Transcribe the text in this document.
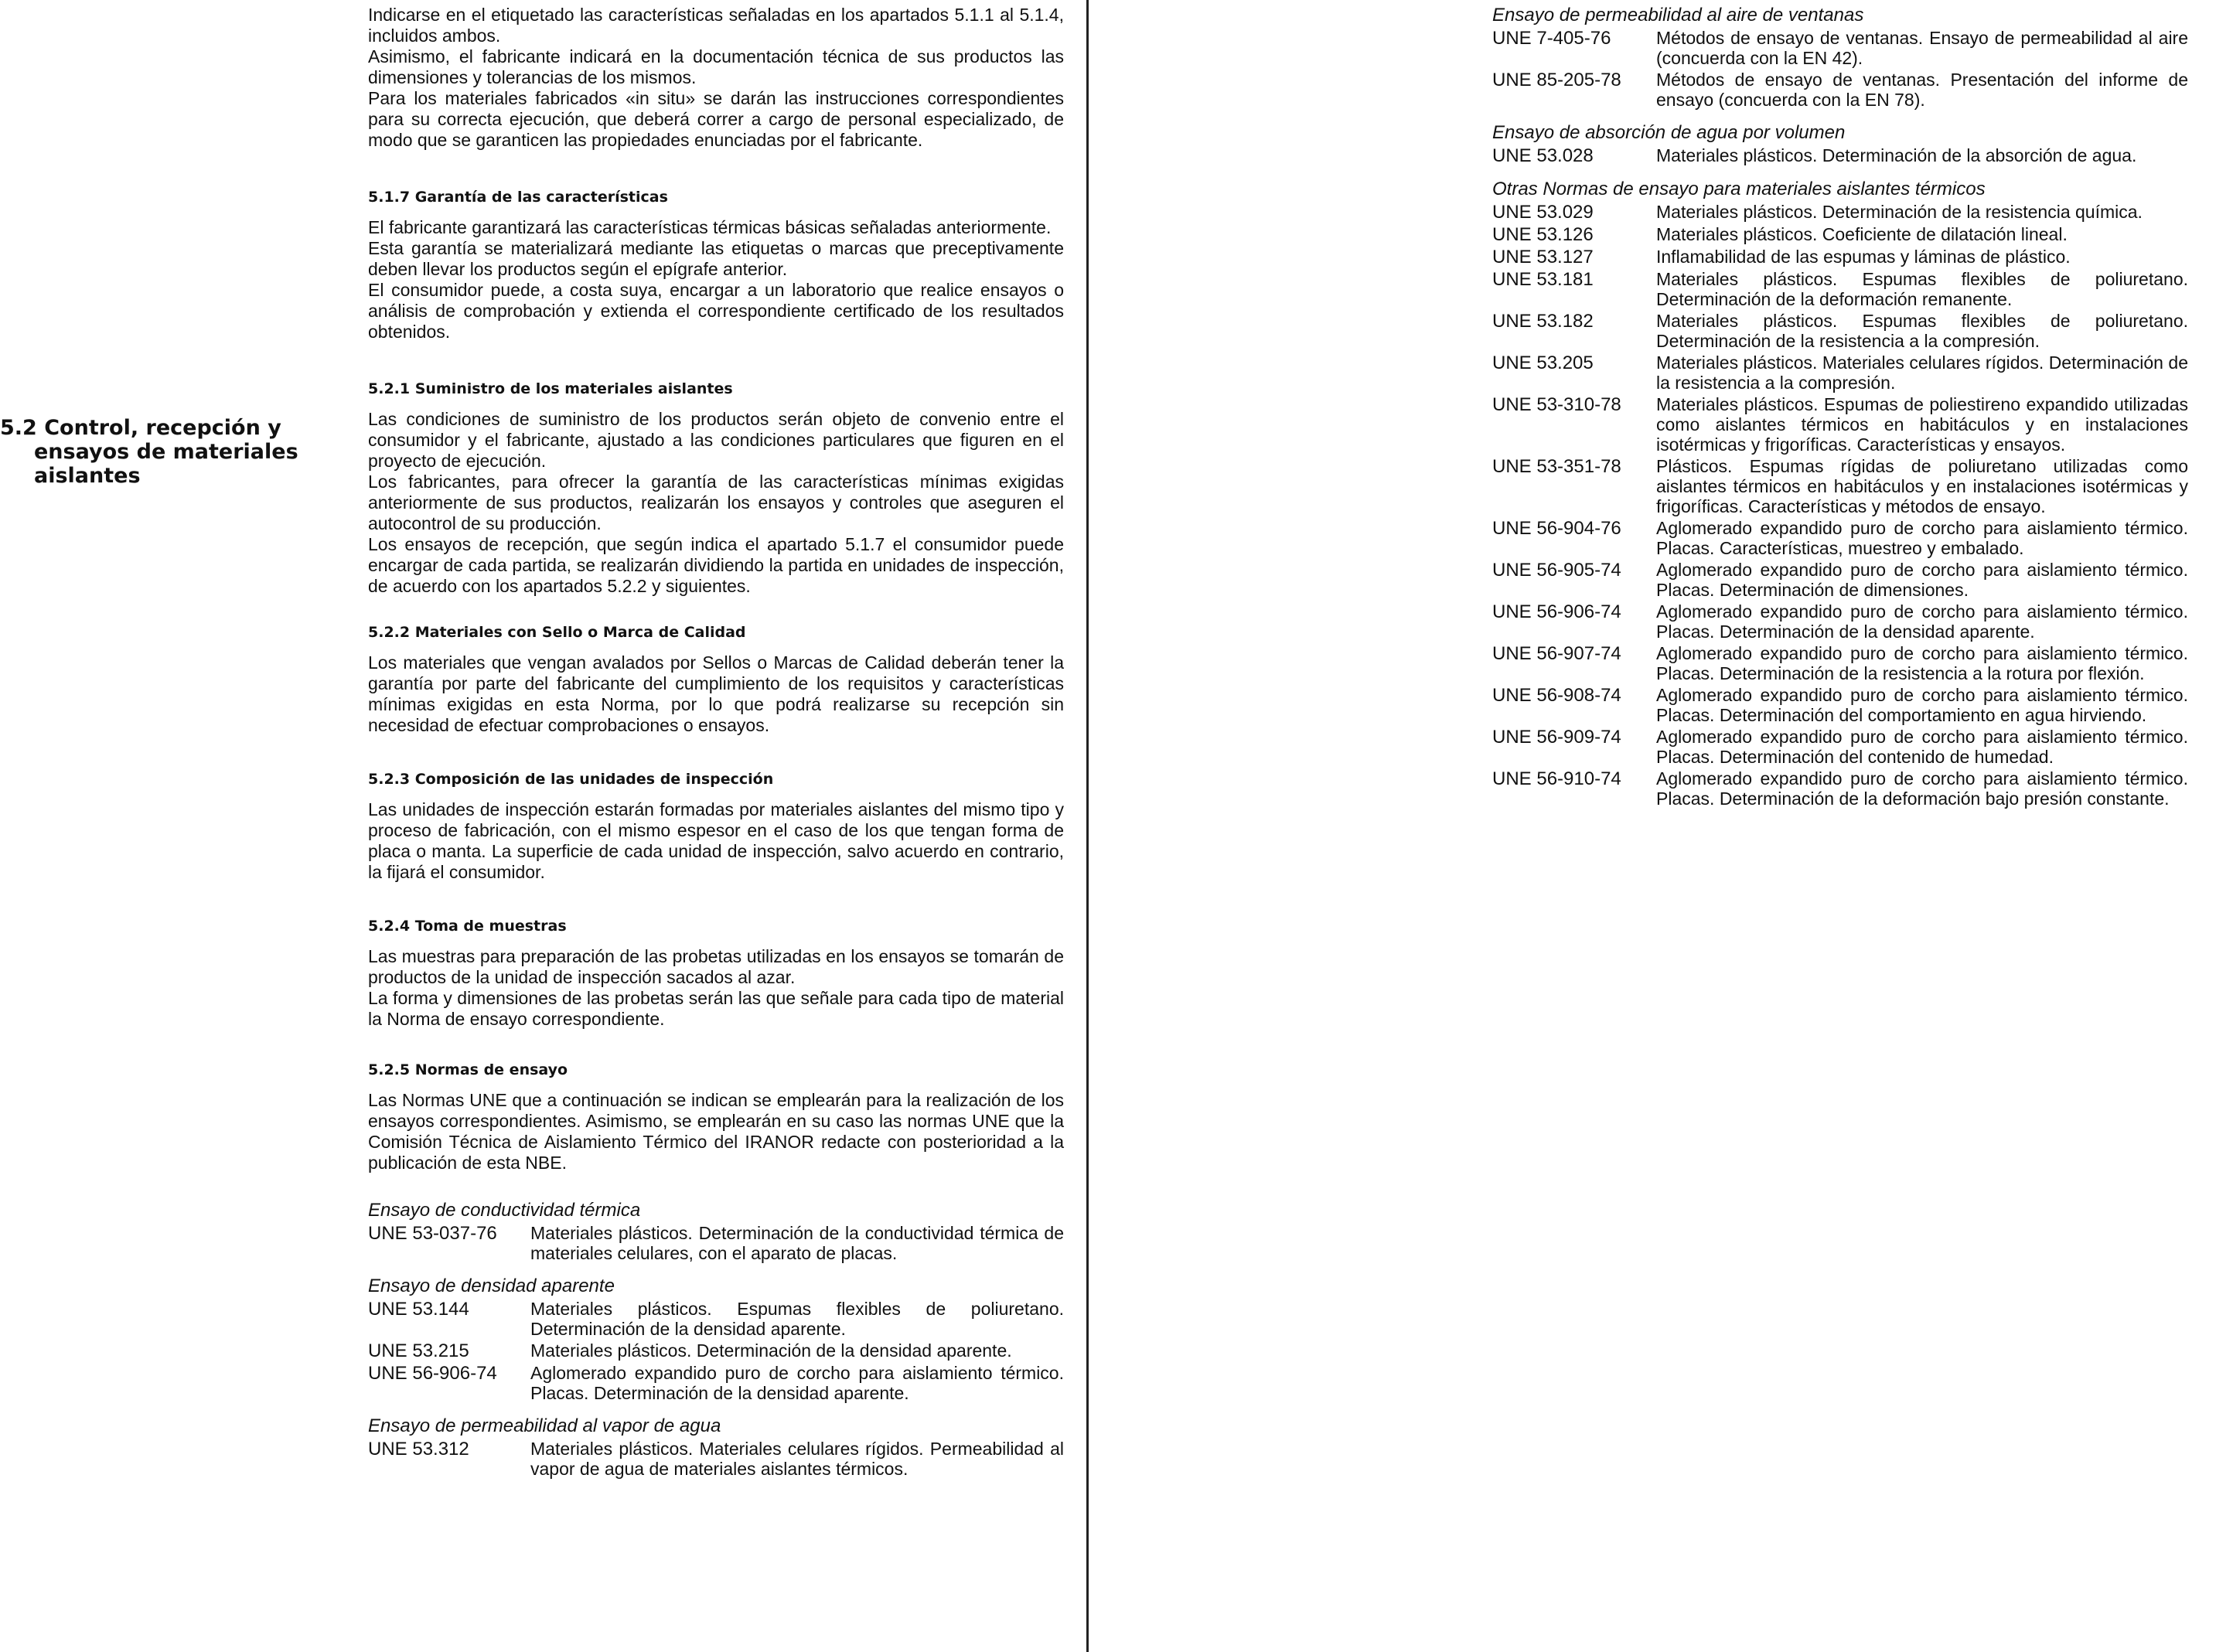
5.2 Control, recepción y ensayos de materiales aislantes

Indicarse en el etiquetado las características señaladas en los apartados 5.1.1 al 5.1.4, incluidos ambos.

Asimismo, el fabricante indicará en la documentación técnica de sus productos las dimensiones y tolerancias de los mismos.

Para los materiales fabricados «in situ» se darán las instrucciones correspondientes para su correcta ejecución, que deberá correr a cargo de personal especializado, de modo que se garanticen las propiedades enunciadas por el fabricante.

5.1.7 Garantía de las características

El fabricante garantizará las características térmicas básicas señaladas anteriormente.

Esta garantía se materializará mediante las etiquetas o marcas que preceptivamente deben llevar los productos según el epígrafe anterior.

El consumidor puede, a costa suya, encargar a un laboratorio que realice ensayos o análisis de comprobación y extienda el correspondiente certificado de los resultados obtenidos.

5.2.1 Suministro de los materiales aislantes

Las condiciones de suministro de los productos serán objeto de convenio entre el consumidor y el fabricante, ajustado a las condiciones particulares que figuren en el proyecto de ejecución.

Los fabricantes, para ofrecer la garantía de las características mínimas exigidas anteriormente de sus productos, realizarán los ensayos y controles que aseguren el autocontrol de su producción.

Los ensayos de recepción, que según indica el apartado 5.1.7 el consumidor puede encargar de cada partida, se realizarán dividiendo la partida en unidades de inspección, de acuerdo con los apartados 5.2.2 y siguientes.

5.2.2 Materiales con Sello o Marca de Calidad

Los materiales que vengan avalados por Sellos o Marcas de Calidad deberán tener la garantía por parte del fabricante del cumplimiento de los requisitos y características mínimas exigidas en esta Norma, por lo que podrá realizarse su recepción sin necesidad de efectuar comprobaciones o ensayos.

5.2.3 Composición de las unidades de inspección

Las unidades de inspección estarán formadas por materiales aislantes del mismo tipo y proceso de fabricación, con el mismo espesor en el caso de los que tengan forma de placa o manta. La superficie de cada unidad de inspección, salvo acuerdo en contrario, la fijará el consumidor.

5.2.4 Toma de muestras

Las muestras para preparación de las probetas utilizadas en los ensayos se tomarán de productos de la unidad de inspección sacados al azar.

La forma y dimensiones de las probetas serán las que señale para cada tipo de material la Norma de ensayo correspondiente.

5.2.5 Normas de ensayo

Las Normas UNE que a continuación se indican se emplearán para la realización de los ensayos correspondientes. Asimismo, se emplearán en su caso las normas UNE que la Comisión Técnica de Aislamiento Térmico del IRANOR redacte con posterioridad a la publicación de esta NBE.

Ensayo de conductividad térmica
UNE 53-037-76	Materiales plásticos. Determinación de la conductividad térmica de materiales celulares, con el aparato de placas.
Ensayo de densidad aparente
UNE 53.144	Materiales plásticos. Espumas flexibles de poliuretano. Determinación de la densidad aparente.
UNE 53.215	Materiales plásticos. Determinación de la densidad aparente.
UNE 56-906-74	Aglomerado expandido puro de corcho para aislamiento térmico. Placas. Determinación de la densidad aparente.
Ensayo de permeabilidad al vapor de agua
UNE 53.312	Materiales plásticos. Materiales celulares rígidos. Permeabilidad al vapor de agua de materiales aislantes térmicos.
Ensayo de permeabilidad al aire de ventanas
UNE 7-405-76	Métodos de ensayo de ventanas. Ensayo de permeabilidad al aire (concuerda con la EN 42).
UNE 85-205-78	Métodos de ensayo de ventanas. Presentación del informe de ensayo (concuerda con la EN 78).
Ensayo de absorción de agua por volumen
UNE 53.028	Materiales plásticos. Determinación de la absorción de agua.
Otras Normas de ensayo para materiales aislantes térmicos
UNE 53.029	Materiales plásticos. Determinación de la resistencia química.
UNE 53.126	Materiales plásticos. Coeficiente de dilatación lineal.
UNE 53.127	Inflamabilidad de las espumas y láminas de plástico.
UNE 53.181	Materiales plásticos. Espumas flexibles de poliuretano. Determinación de la deformación remanente.
UNE 53.182	Materiales plásticos. Espumas flexibles de poliuretano. Determinación de la resistencia a la compresión.
UNE 53.205	Materiales plásticos. Materiales celulares rígidos. Determinación de la resistencia a la compresión.
UNE 53-310-78	Materiales plásticos. Espumas de poliestireno expandido utilizadas como aislantes térmicos en habitáculos y en instalaciones isotérmicas y frigoríficas. Características y ensayos.
UNE 53-351-78	Plásticos. Espumas rígidas de poliuretano utilizadas como aislantes térmicos en habitáculos y en instalaciones isotérmicas y frigoríficas. Características y métodos de ensayo.
UNE 56-904-76	Aglomerado expandido puro de corcho para aislamiento térmico. Placas. Características, muestreo y embalado.
UNE 56-905-74	Aglomerado expandido puro de corcho para aislamiento térmico. Placas. Determinación de dimensiones.
UNE 56-906-74	Aglomerado expandido puro de corcho para aislamiento térmico. Placas. Determinación de la densidad aparente.
UNE 56-907-74	Aglomerado expandido puro de corcho para aislamiento térmico. Placas. Determinación de la resistencia a la rotura por flexión.
UNE 56-908-74	Aglomerado expandido puro de corcho para aislamiento térmico. Placas. Determinación del comportamiento en agua hirviendo.
UNE 56-909-74	Aglomerado expandido puro de corcho para aislamiento térmico. Placas. Determinación del contenido de humedad.
UNE 56-910-74	Aglomerado expandido puro de corcho para aislamiento térmico. Placas. Determinación de la deformación bajo presión constante.
